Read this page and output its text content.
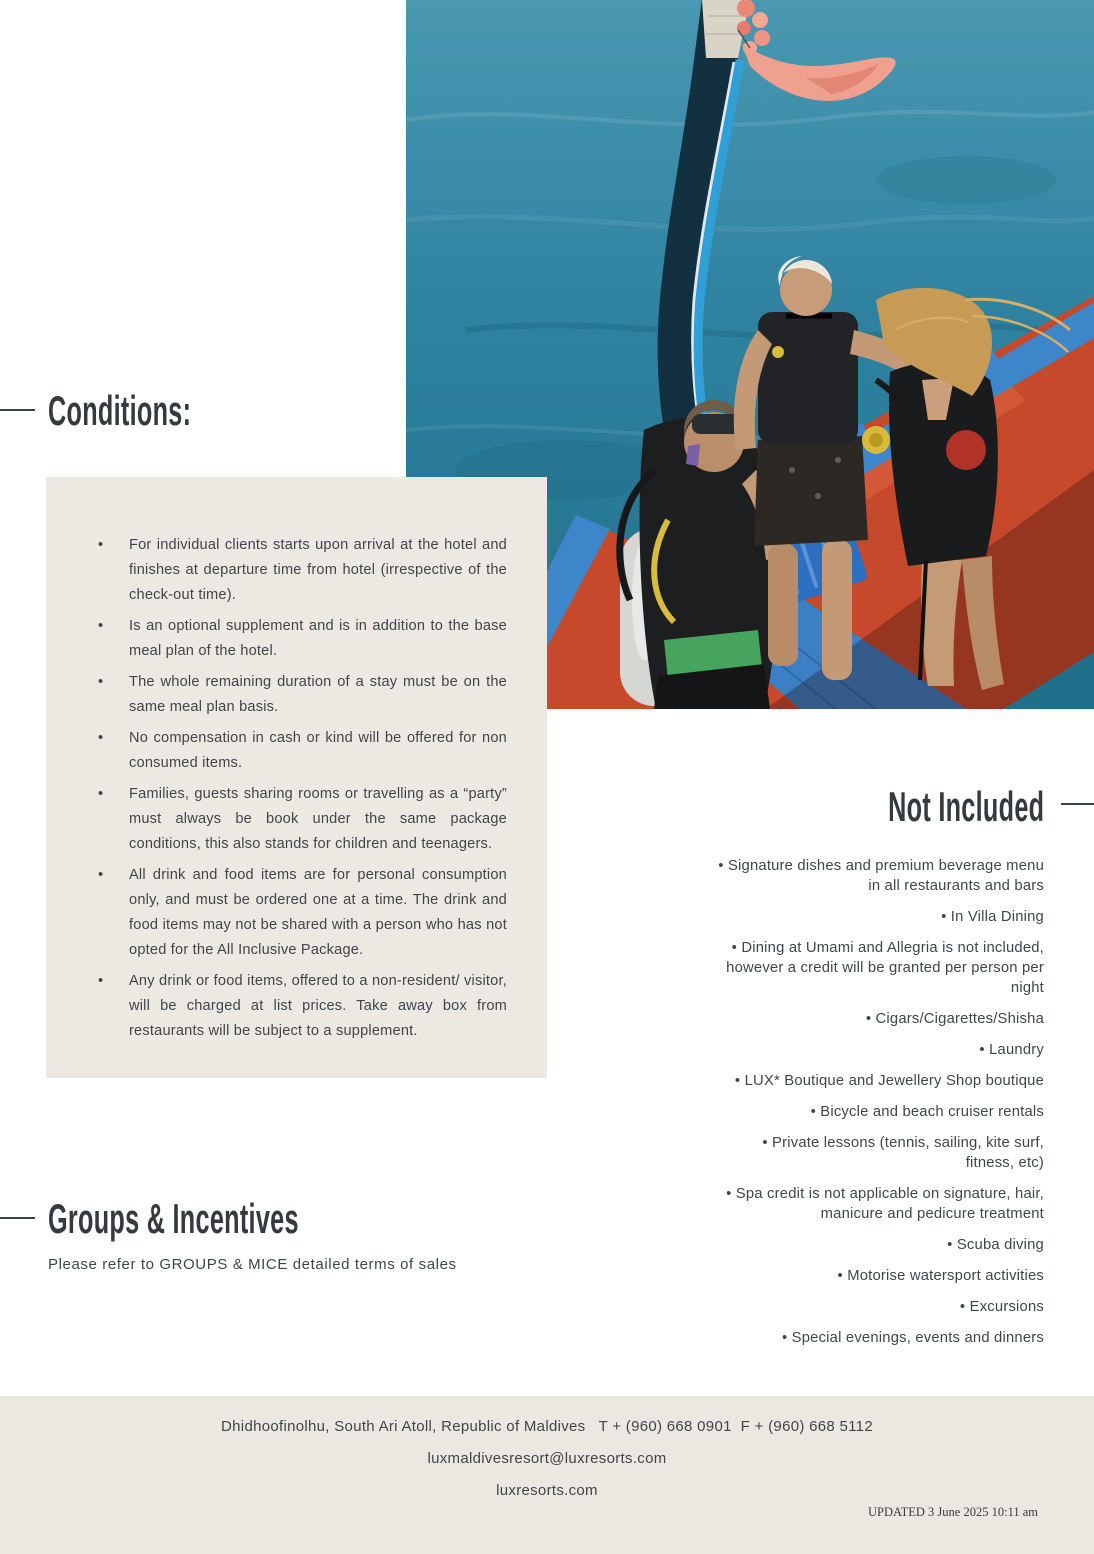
Conditions:
Not Included
Groups & Incentives
• For individual clients starts upon arrival at the hotel and finishes at departure time from hotel (irrespective of the check-out time).
• Is an optional supplement and is in addition to the base meal plan of the hotel.
• The whole remaining duration of a stay must be on the same meal plan basis.
• No compensation in cash or kind will be offered for non consumed items.
• Families, guests sharing rooms or travelling as a “party” must always be book under the same package conditions, this also stands for children and teenagers.
• All drink and food items are for personal consumption only, and must be ordered one at a time. The drink and food items may not be shared with a person who has not opted for the All Inclusive Package.
• Any drink or food items, offered to a non-resident/ visitor, will be charged at list prices. Take away box from restaurants will be subject to a supplement.
• Signature dishes and premium beverage menu in all restaurants and bars
• In Villa Dining
• Dining at Umami and Allegria is not included, however a credit will be granted per person per night
• Cigars/Cigarettes/Shisha
• Laundry
• LUX* Boutique and Jewellery Shop boutique
• Bicycle and beach cruiser rentals
• Private lessons (tennis, sailing, kite surf, fitness, etc)
• Spa credit is not applicable on signature, hair, manicure and pedicure treatment
• Scuba diving
• Motorise watersport activities
• Excursions
• Special evenings, events and dinners
Please refer to GROUPS & MICE detailed terms of sales

Dhidhoofinolhu, South Ari Atoll, Republic of Maldives   T + (960) 668 0901  F + (960) 668 5112

luxmaldivesresort@luxresorts.com

luxresorts.com

UPDATED 3 June 2025 10:11 am
